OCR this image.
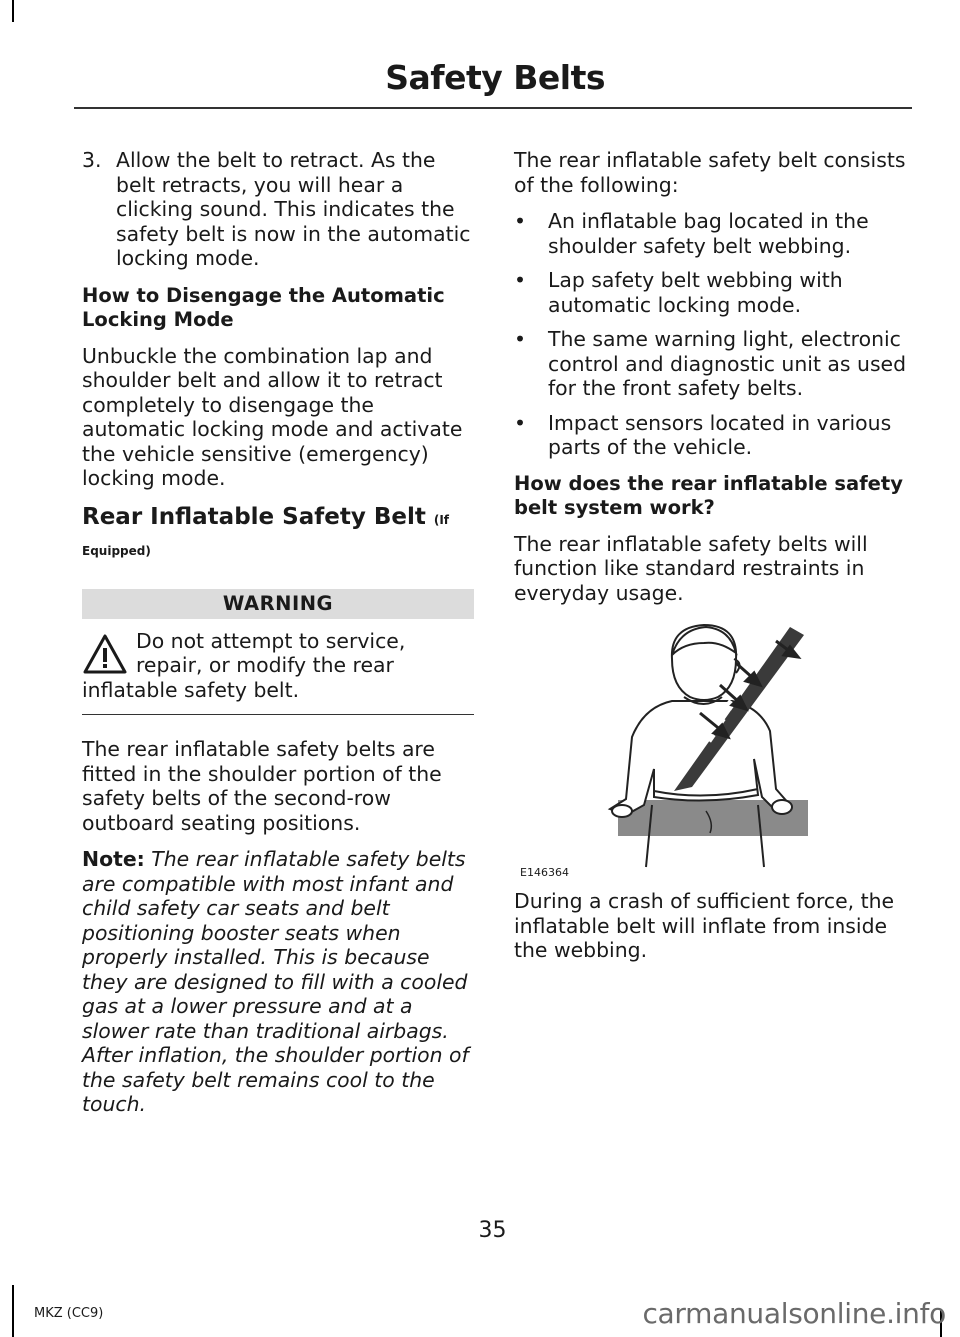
Safety Belts
3. Allow the belt to retract. As the belt retracts, you will hear a clicking sound. This indicates the safety belt is now in the automatic locking mode.
How to Disengage the Automatic Locking Mode

Unbuckle the combination lap and shoulder belt and allow it to retract completely to disengage the automatic locking mode and activate the vehicle sensitive (emergency) locking mode.

Rear Inflatable Safety Belt (If Equipped)
WARNING
Do not attempt to service, repair, or modify the rear inflatable safety belt.

The rear inflatable safety belts are fitted in the shoulder portion of the safety belts of the second-row outboard seating positions.

Note: The rear inflatable safety belts are compatible with most infant and child safety car seats and belt positioning booster seats when properly installed. This is because they are designed to fill with a cooled gas at a lower pressure and at a slower rate than traditional airbags. After inflation, the shoulder portion of the safety belt remains cool to the touch.

The rear inflatable safety belt consists of the following:

•	An inflatable bag located in the shoulder safety belt webbing.
•	Lap safety belt webbing with automatic locking mode.
•	The same warning light, electronic control and diagnostic unit as used for the front safety belts.
•	Impact sensors located in various parts of the vehicle.
How does the rear inflatable safety belt system work?

The rear inflatable safety belts will function like standard restraints in everyday usage.

E146364

During a crash of sufficient force, the inflatable belt will inflate from inside the webbing.

35
MKZ (CC9)	carmanualsonline.info
